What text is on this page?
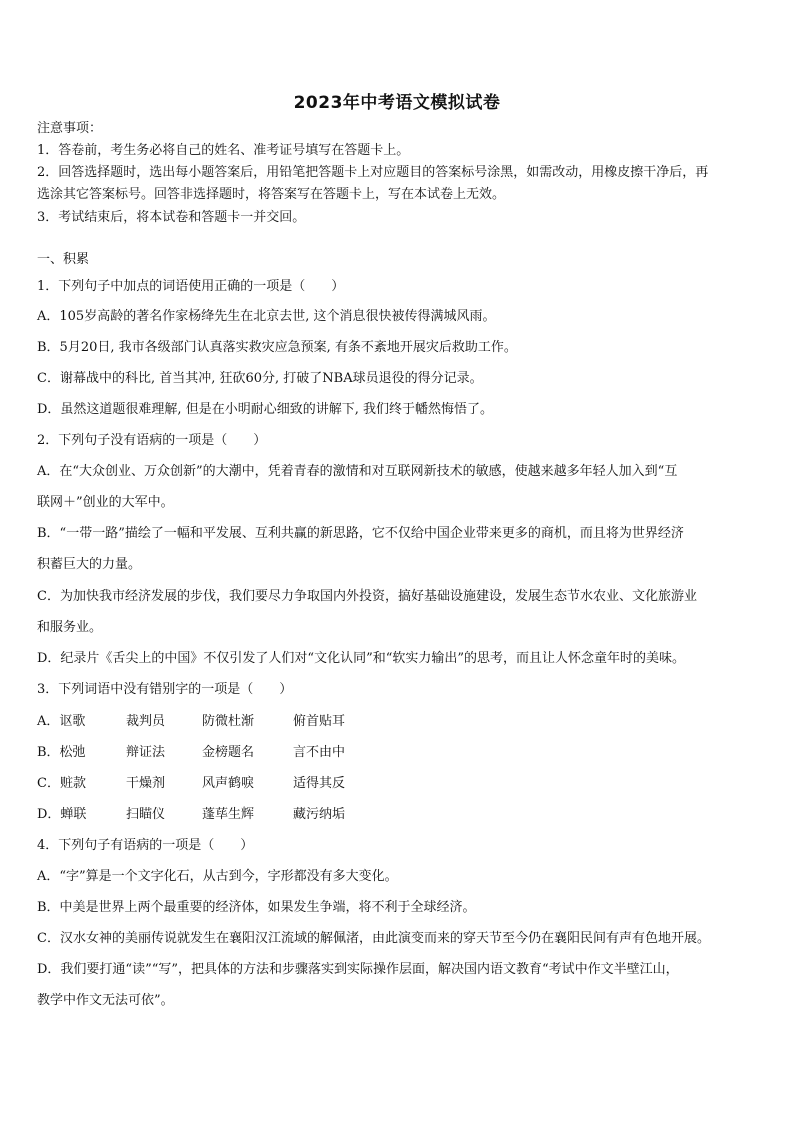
2023年中考语文模拟试卷
注意事项：
1．答卷前，考生务必将自己的姓名、准考证号填写在答题卡上。
2．回答选择题时，选出每小题答案后，用铅笔把答题卡上对应题目的答案标号涂黑，如需改动，用橡皮擦干净后，再
选涂其它答案标号。回答非选择题时，将答案写在答题卡上，写在本试卷上无效。
3．考试结束后，将本试卷和答题卡一并交回。
一、积累
1．下列句子中加点的词语使用正确的一项是（　　）
A．105岁高龄的著名作家杨绛先生在北京去世, 这个消息很快被传得满城风雨。
B．5月20日, 我市各级部门认真落实救灾应急预案, 有条不紊地开展灾后救助工作。
C．谢幕战中的科比, 首当其冲, 狂砍60分, 打破了NBA球员退役的得分记录。
D．虽然这道题很难理解, 但是在小明耐心细致的讲解下, 我们终于幡然悔悟了。
2．下列句子没有语病的一项是（　　）
A．在“大众创业、万众创新”的大潮中，凭着青春的激情和对互联网新技术的敏感，使越来越多年轻人加入到“互
联网＋”创业的大军中。
B．“一带一路”描绘了一幅和平发展、互利共赢的新思路，它不仅给中国企业带来更多的商机，而且将为世界经济
积蓄巨大的力量。
C．为加快我市经济发展的步伐，我们要尽力争取国内外投资，搞好基础设施建设，发展生态节水农业、文化旅游业
和服务业。
D．纪录片《舌尖上的中国》不仅引发了人们对“文化认同”和“软实力输出”的思考，而且让人怀念童年时的美味。
3．下列词语中没有错别字的一项是（　　）
A．讴歌	裁判员	防微杜渐	俯首贴耳
B．松弛	辩证法	金榜题名	言不由中
C．赃款	干燥剂	风声鹤唳	适得其反
D．蝉联	扫瞄仪	蓬荜生辉	藏污纳垢
4．下列句子有语病的一项是（　　）
A．“字”算是一个文字化石，从古到今，字形都没有多大变化。
B．中美是世界上两个最重要的经济体，如果发生争端，将不利于全球经济。
C．汉水女神的美丽传说就发生在襄阳汉江流域的解佩渚，由此演变而来的穿天节至今仍在襄阳民间有声有色地开展。
D．我们要打通“读”“写”，把具体的方法和步骤落实到实际操作层面，解决国内语文教育“考试中作文半壁江山，
教学中作文无法可依”。
